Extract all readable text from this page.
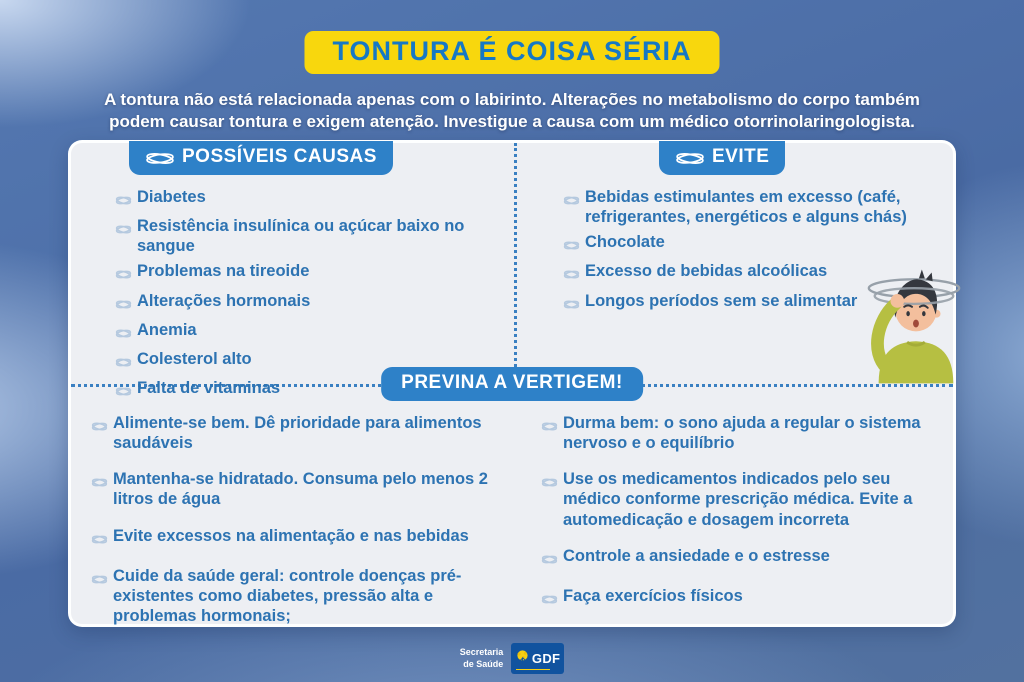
TONTURA É COISA SÉRIA
A tontura não está relacionada apenas com o labirinto. Alterações no metabolismo do corpo também
podem causar tontura e exigem atenção. Investigue a causa com um médico otorrinolaringologista.
POSSÍVEIS CAUSAS	EVITE
Diabetes
Resistência insulínica ou açúcar baixo no sangue
Problemas na tireoide
Alterações hormonais
Anemia
Colesterol alto
Falta de vitaminas
Bebidas estimulantes em excesso (café, refrigerantes, energéticos e alguns chás)
Chocolate
Excesso de bebidas alcoólicas
Longos períodos sem se alimentar
PREVINA A VERTIGEM!
Alimente-se bem. Dê prioridade para alimentos saudáveis
Mantenha-se hidratado. Consuma pelo menos 2 litros de água
Evite excessos na alimentação e nas bebidas
Cuide da saúde geral: controle doenças pré-existentes como diabetes, pressão alta e problemas hormonais;
Durma bem: o sono ajuda a regular o sistema nervoso e o equilíbrio
Use os medicamentos indicados pelo seu médico conforme prescrição médica. Evite a automedicação e dosagem incorreta
Controle a ansiedade e o estresse
Faça exercícios físicos
Secretaria
de Saúde GDF
